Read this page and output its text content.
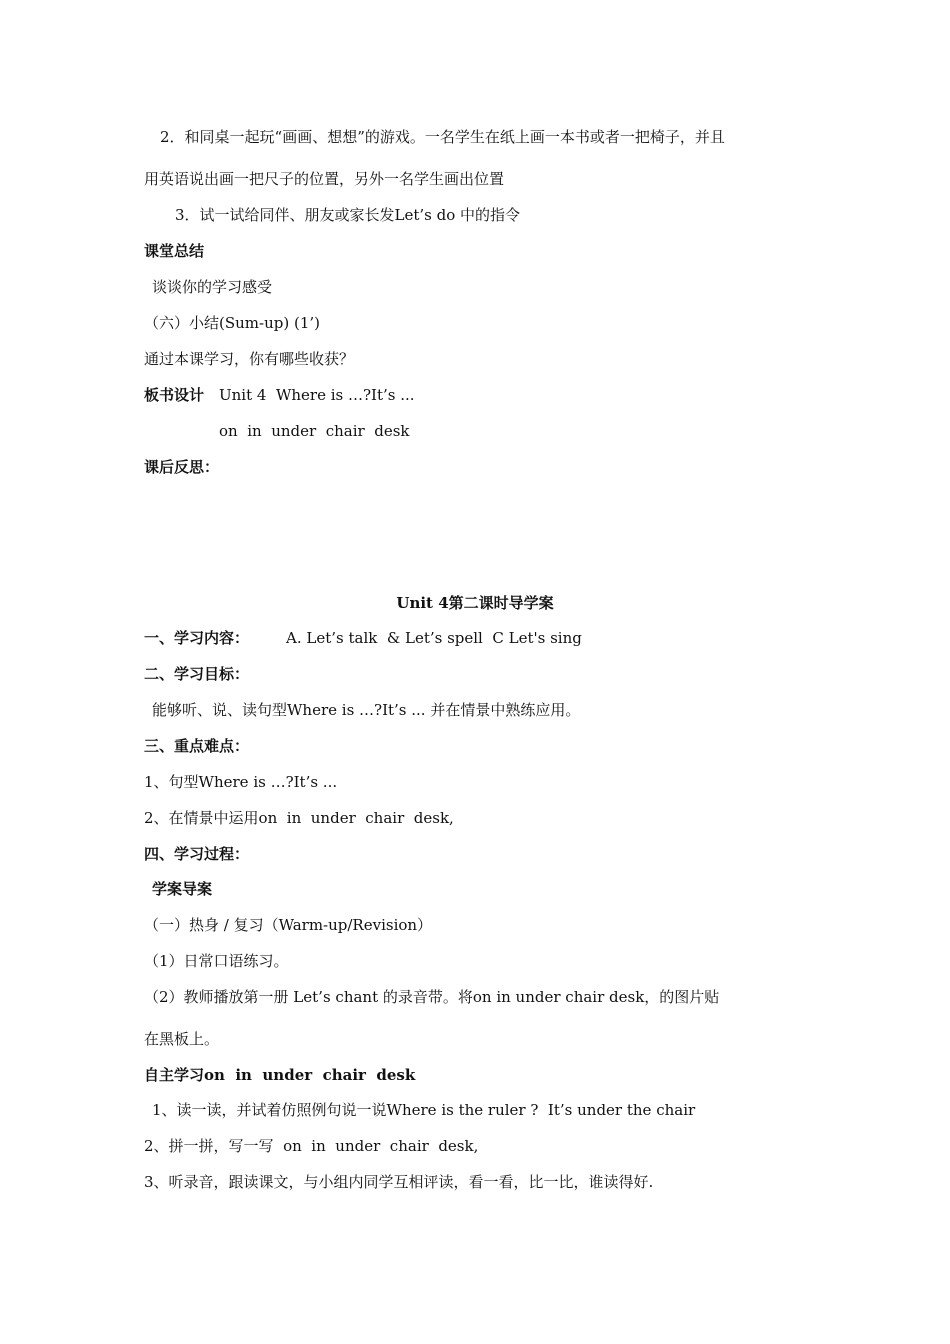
2．和同桌一起玩“画画、想想”的游戏。一名学生在纸上画一本书或者一把椅子，并且
用英语说出画一把尺子的位置，另外一名学生画出位置
3．试一试给同伴、朋友或家长发Let’s do 中的指令
课堂总结
谈谈你的学习感受
（六）小结(Sum-up) (1’)
通过本课学习，你有哪些收获？
板书设计 Unit 4  Where is …?It’s ...
on  in  under  chair  desk
课后反思：
Unit 4第二课时导学案
一、学习内容： A. Let’s talk  & Let’s spell  C Let's sing
二、学习目标：
能够听、说、读句型Where is …?It’s ... 并在情景中熟练应用。
三、重点难点：
1、句型Where is …?It’s ...
2、在情景中运用on  in  under  chair  desk,
四、学习过程：
学案导案
（一）热身 / 复习（Warm-up/Revision）
（1）日常口语练习。
（2）教师播放第一册 Let’s chant 的录音带。将on in under chair desk，的图片贴
在黑板上。
自主学习on  in  under  chair  desk
1、读一读，并试着仿照例句说一说Where is the ruler ?  It’s under the chair
2、拼一拼，写一写  on  in  under  chair  desk,
3、听录音，跟读课文，与小组内同学互相评读，看一看，比一比，谁读得好.
